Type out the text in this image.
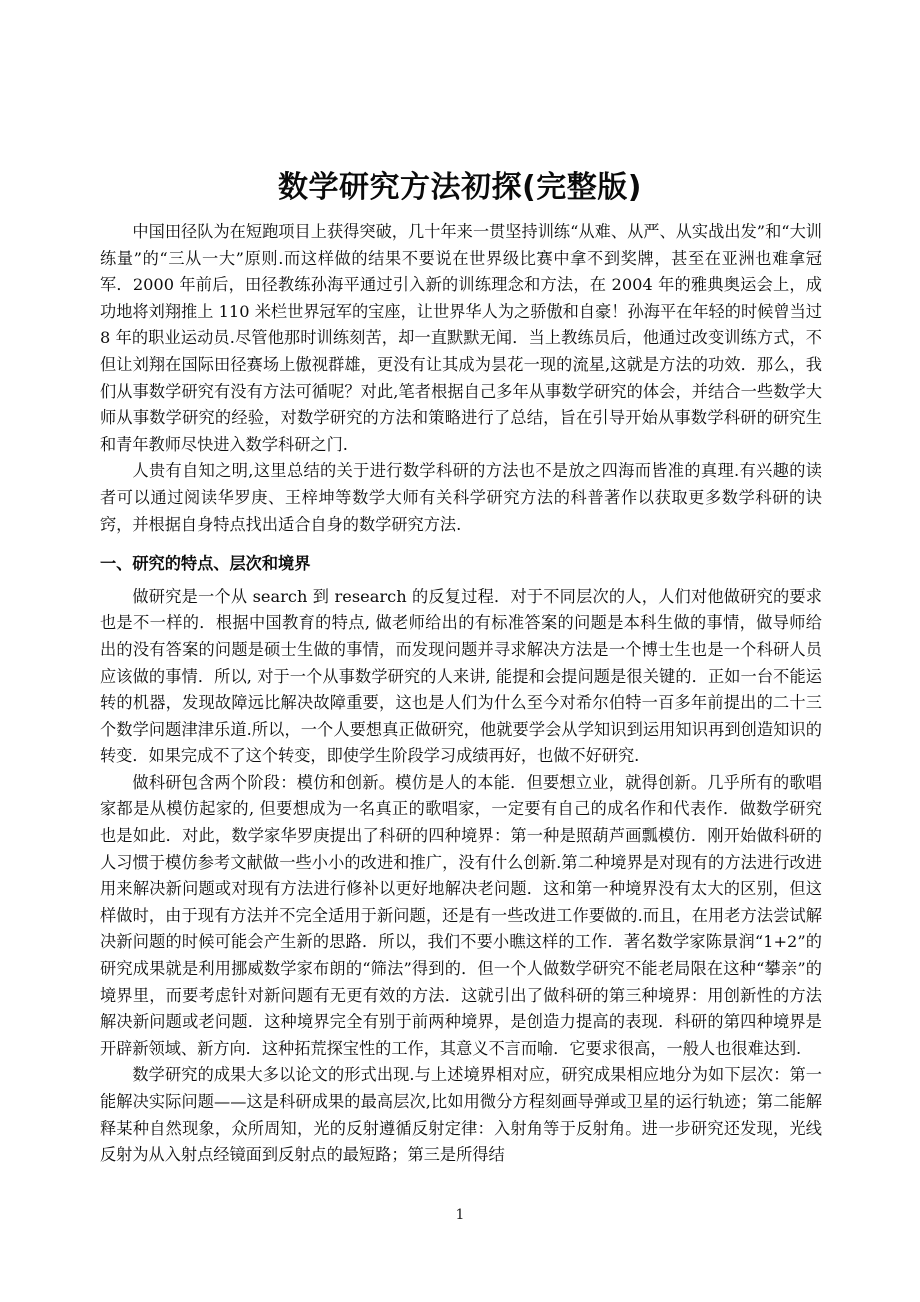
数学研究方法初探(完整版)

中国田径队为在短跑项目上获得突破，几十年来一贯坚持训练“从难、从严、从实战出发”和“大训练量”的“三从一大”原则.而这样做的结果不要说在世界级比赛中拿不到奖牌，甚至在亚洲也难拿冠军．2000 年前后，田径教练孙海平通过引入新的训练理念和方法，在 2004 年的雅典奥运会上，成功地将刘翔推上 110 米栏世界冠军的宝座，让世界华人为之骄傲和自豪！孙海平在年轻的时候曾当过 8 年的职业运动员.尽管他那时训练刻苦，却一直默默无闻．当上教练员后，他通过改变训练方式，不但让刘翔在国际田径赛场上傲视群雄，更没有让其成为昙花一现的流星,这就是方法的功效．那么，我们从事数学研究有没有方法可循呢？对此,笔者根据自己多年从事数学研究的体会，并结合一些数学大师从事数学研究的经验，对数学研究的方法和策略进行了总结，旨在引导开始从事数学科研的研究生和青年教师尽快进入数学科研之门.

人贵有自知之明,这里总结的关于进行数学科研的方法也不是放之四海而皆准的真理.有兴趣的读者可以通过阅读华罗庚、王梓坤等数学大师有关科学研究方法的科普著作以获取更多数学科研的诀窍，并根据自身特点找出适合自身的数学研究方法.

一、研究的特点、层次和境界

做研究是一个从 search 到 research 的反复过程．对于不同层次的人，人们对他做研究的要求也是不一样的．根据中国教育的特点, 做老师给出的有标准答案的问题是本科生做的事情，做导师给出的没有答案的问题是硕士生做的事情，而发现问题并寻求解决方法是一个博士生也是一个科研人员应该做的事情．所以, 对于一个从事数学研究的人来讲, 能提和会提问题是很关键的．正如一台不能运转的机器，发现故障远比解决故障重要，这也是人们为什么至今对希尔伯特一百多年前提出的二十三个数学问题津津乐道.所以，一个人要想真正做研究，他就要学会从学知识到运用知识再到创造知识的转变．如果完成不了这个转变，即使学生阶段学习成绩再好，也做不好研究.

做科研包含两个阶段：模仿和创新。模仿是人的本能．但要想立业，就得创新。几乎所有的歌唱家都是从模仿起家的, 但要想成为一名真正的歌唱家，一定要有自己的成名作和代表作．做数学研究也是如此．对此，数学家华罗庚提出了科研的四种境界：第一种是照葫芦画瓢模仿．刚开始做科研的人习惯于模仿参考文献做一些小小的改进和推广，没有什么创新.第二种境界是对现有的方法进行改进用来解决新问题或对现有方法进行修补以更好地解决老问题．这和第一种境界没有太大的区别，但这样做时，由于现有方法并不完全适用于新问题，还是有一些改进工作要做的.而且，在用老方法尝试解决新问题的时候可能会产生新的思路．所以，我们不要小瞧这样的工作．著名数学家陈景润“1+2”的研究成果就是利用挪威数学家布朗的“筛法”得到的．但一个人做数学研究不能老局限在这种“攀亲”的境界里，而要考虑针对新问题有无更有效的方法．这就引出了做科研的第三种境界：用创新性的方法解决新问题或老问题．这种境界完全有别于前两种境界，是创造力提高的表现．科研的第四种境界是开辟新领域、新方向．这种拓荒探宝性的工作，其意义不言而喻．它要求很高，一般人也很难达到.

数学研究的成果大多以论文的形式出现.与上述境界相对应，研究成果相应地分为如下层次：第一能解决实际问题——这是科研成果的最高层次,比如用微分方程刻画导弹或卫星的运行轨迹；第二能解释某种自然现象，众所周知，光的反射遵循反射定律：入射角等于反射角。进一步研究还发现，光线反射为从入射点经镜面到反射点的最短路；第三是所得结

1
